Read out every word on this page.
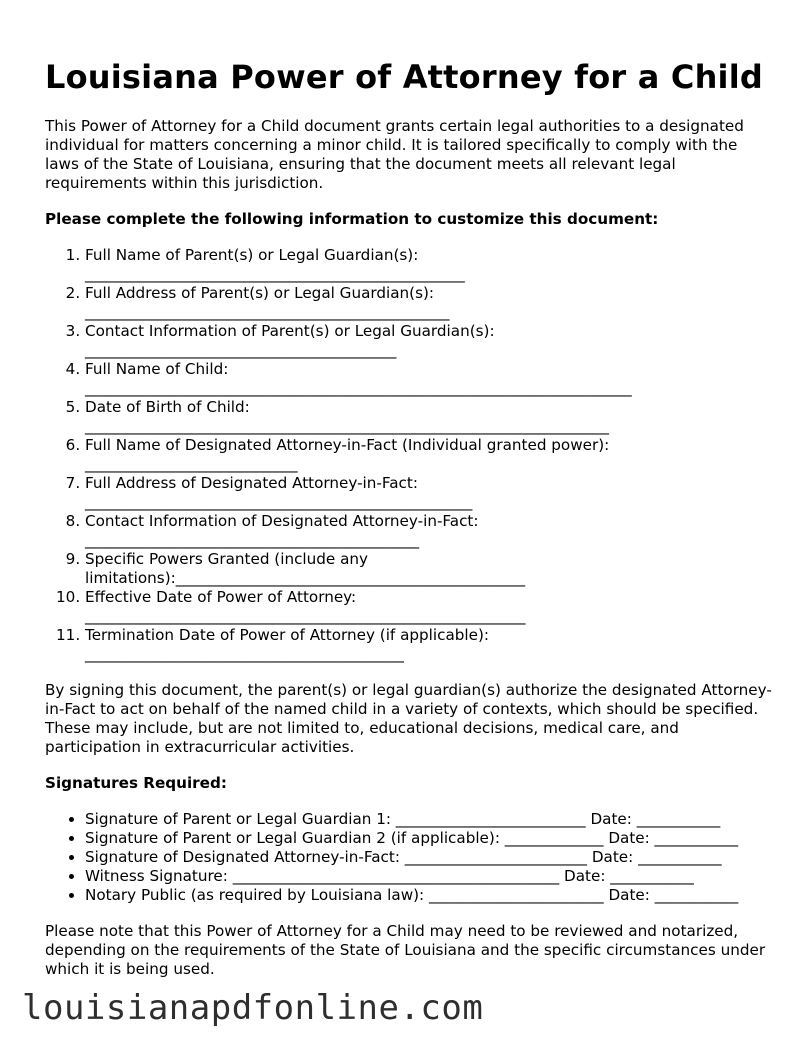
Louisiana Power of Attorney for a Child

This Power of Attorney for a Child document grants certain legal authorities to a designated individual for matters concerning a minor child. It is tailored specifically to comply with the laws of the State of Louisiana, ensuring that the document meets all relevant legal requirements within this jurisdiction.

Please complete the following information to customize this document:

1. Full Name of Parent(s) or Legal Guardian(s):
__________________________________________________
2. Full Address of Parent(s) or Legal Guardian(s):
________________________________________________
3. Contact Information of Parent(s) or Legal Guardian(s):
_________________________________________
4. Full Name of Child:
________________________________________________________________________
5. Date of Birth of Child:
_____________________________________________________________________
6. Full Name of Designated Attorney-in-Fact (Individual granted power):
____________________________
7. Full Address of Designated Attorney-in-Fact:
___________________________________________________
8. Contact Information of Designated Attorney-in-Fact:
____________________________________________
9. Specific Powers Granted (include any limitations):______________________________________________
10. Effective Date of Power of Attorney:
__________________________________________________________
11. Termination Date of Power of Attorney (if applicable):
__________________________________________

By signing this document, the parent(s) or legal guardian(s) authorize the designated Attorney-in-Fact to act on behalf of the named child in a variety of contexts, which should be specified. These may include, but are not limited to, educational decisions, medical care, and participation in extracurricular activities.

Signatures Required:

• Signature of Parent or Legal Guardian 1: _________________________ Date: ___________
• Signature of Parent or Legal Guardian 2 (if applicable): _____________ Date: ___________
• Signature of Designated Attorney-in-Fact: ________________________ Date: ___________
• Witness Signature: ___________________________________________ Date: ___________
• Notary Public (as required by Louisiana law): _______________________ Date: ___________

Please note that this Power of Attorney for a Child may need to be reviewed and notarized, depending on the requirements of the State of Louisiana and the specific circumstances under which it is being used.

louisianapdfonline.com
